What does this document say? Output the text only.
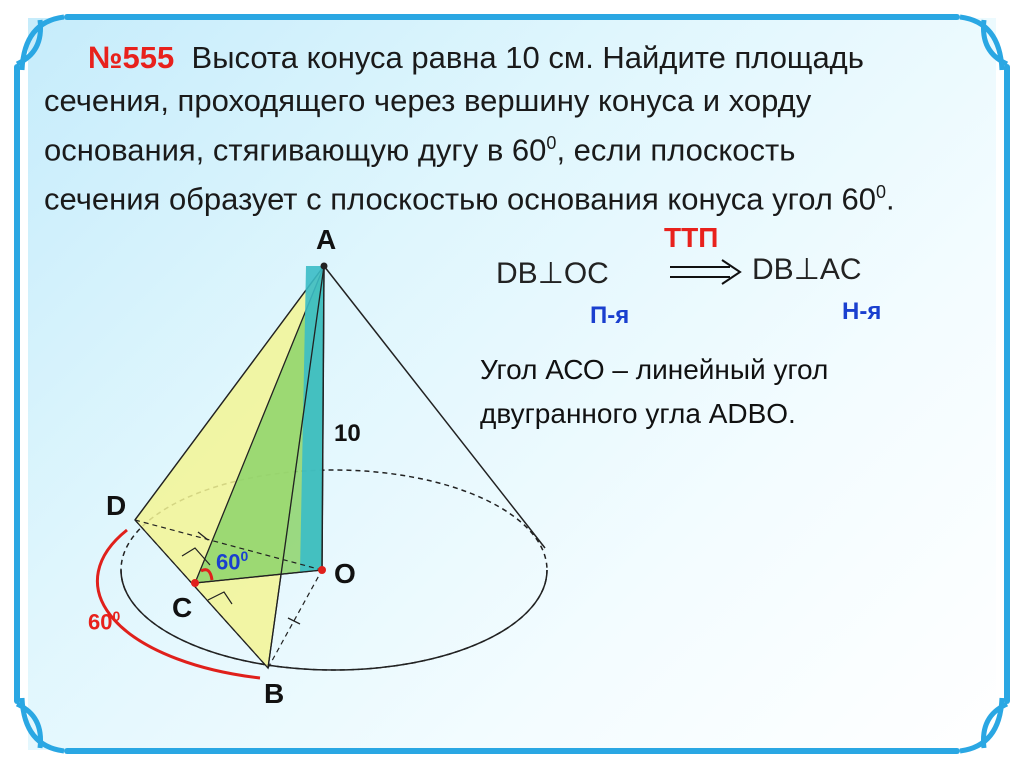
№555 Высота конуса равна 10 см. Найдите площадь
сечения, проходящего через вершину конуса и хорду
основания, стягивающую дугу в $60^0$, если плоскость
сечения образует с плоскостью основания конуса угол $60^0$.
A
D
O
C
B
10
$60^0$
$60^0$
ТТП
DB⊥OC	DB⊥AC
П-я	Н-я
Угол АСО – линейный угол
двугранного угла ADBO.
